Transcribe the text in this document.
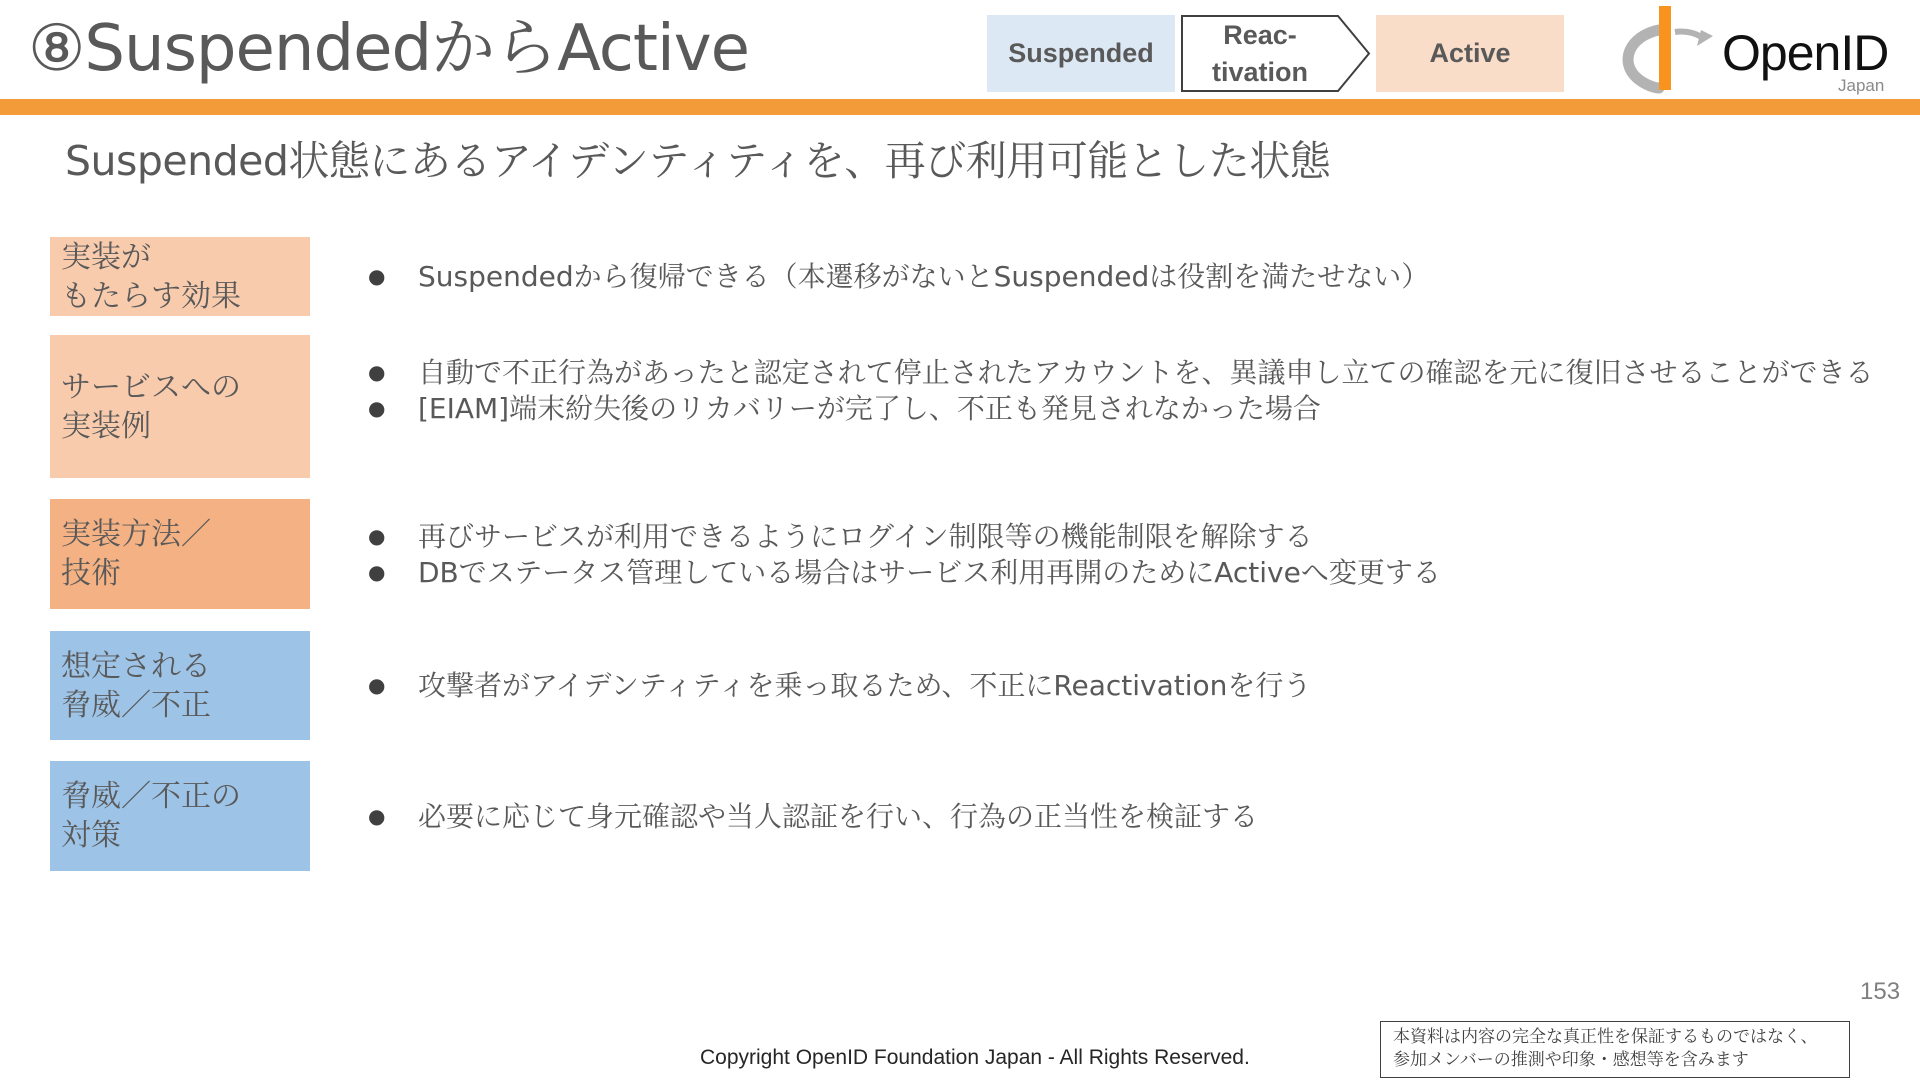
⑧SuspendedからActive	Suspended
Reac-
tivation
Active	OpenID
Japan
Suspended状態にあるアイデンティティを、再び利用可能とした状態
実装が
もたらす効果
● Suspendedから復帰できる（本遷移がないとSuspendedは役割を満たせない）
サービスへの
実装例
● 自動で不正行為があったと認定されて停止されたアカウントを、異議申し立ての確認を元に復旧させることができる
● [EIAM]端末紛失後のリカバリーが完了し、不正も発見されなかった場合
実装方法／
技術
● 再びサービスが利用できるようにログイン制限等の機能制限を解除する
● DBでステータス管理している場合はサービス利用再開のためにActiveへ変更する
想定される
脅威／不正
● 攻撃者がアイデンティティを乗っ取るため、不正にReactivationを行う
脅威／不正の
対策
● 必要に応じて身元確認や当人認証を行い、行為の正当性を検証する
153
Copyright OpenID Foundation Japan - All Rights Reserved.
本資料は内容の完全な真正性を保証するものではなく、
参加メンバーの推測や印象・感想等を含みます
